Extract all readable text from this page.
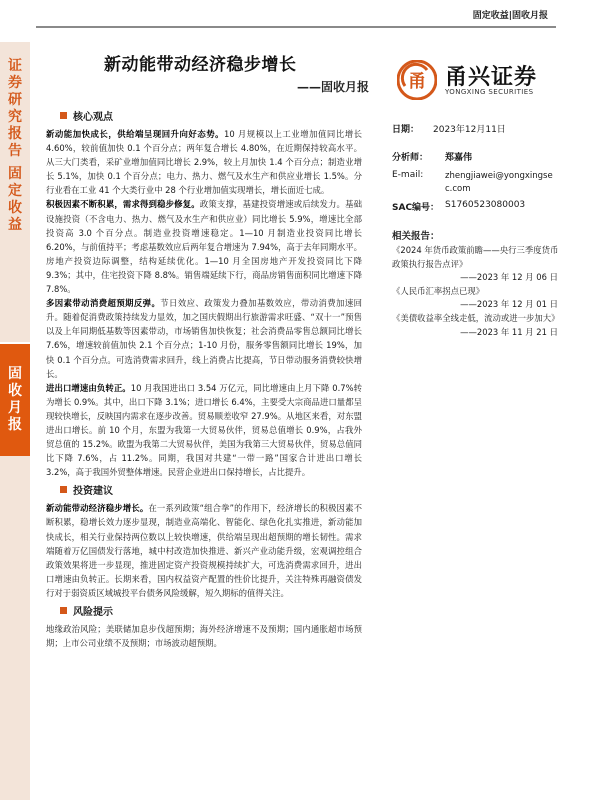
固定收益|固收月报
证
券
研
究
报
告
固
定
收
益
固
收
月
报
新动能带动经济稳步增长
——固收月报 甬 甬兴证券
YONGXING SECURITIES
核心观点

新动能加快成长，供给端呈现回升向好态势。10 月规模以上工业增加值同比增长 4.60%，较前值加快 0.1 个百分点；两年复合增长 4.80%，在近期保持较高水平。从三大门类看，采矿业增加值同比增长 2.9%，较上月加快 1.4 个百分点；制造业增长 5.1%，加快 0.1 个百分点；电力、热力、燃气及水生产和供应业增长 1.5%。分行业看在工业 41 个大类行业中 28 个行业增加值实现增长，增长面近七成。

积极因素不断积累，需求得到稳步修复。政策支撑，基建投资增速或后续发力。基础设施投资（不含电力、热力、燃气及水生产和供应业）同比增长 5.9%，增速比全部投资高 3.0 个百分点。制造业投资增速稳定。1—10 月制造业投资同比增长 6.20%，与前值持平；考虑基数效应后两年复合增速为 7.94%，高于去年同期水平。房地产投资边际调整，结构延续优化。1—10 月全国房地产开发投资同比下降 9.3%；其中，住宅投资下降 8.8%。销售端延续下行，商品房销售面积同比增速下降 7.8%。

多因素带动消费超预期反弹。节日效应、政策发力叠加基数效应，带动消费加速回升。随着促消费政策持续发力显效，加之国庆假期出行旅游需求旺盛、“双十一”预售以及上年同期低基数等因素带动，市场销售加快恢复；社会消费品零售总额同比增长 7.6%，增速较前值加快 2.1 个百分点；1-10 月份，服务零售额同比增长 19%，加快 0.1 个百分点。可选消费需求回升，线上消费占比提高，节日带动服务消费较快增长。

进出口增速由负转正。10 月我国进出口 3.54 万亿元，同比增速由上月下降 0.7%转为增长 0.9%。其中，出口下降 3.1%；进口增长 6.4%，主要受大宗商品进口量都呈现较快增长，反映国内需求在逐步改善。贸易顺差收窄 27.9%。从地区来看，对东盟进出口增长。前 10 个月，东盟为我第一大贸易伙伴，贸易总值增长 0.9%，占我外贸总值的 15.2%。欧盟为我第二大贸易伙伴，美国为我第三大贸易伙伴，贸易总值同比下降 7.6%，占 11.2%。同期，我国对共建“一带一路”国家合计进出口增长 3.2%，高于我国外贸整体增速。民营企业进出口保持增长，占比提升。

投资建议

新动能带动经济稳步增长。在一系列政策“组合拳”的作用下，经济增长的积极因素不断积累，稳增长效力逐步显现，制造业高端化、智能化、绿色化扎实推进，新动能加快成长，相关行业保持两位数以上较快增速，供给端呈现出超预期的增长韧性。需求端随着万亿国债发行落地，城中村改造加快推进、新兴产业动能升级，宏观调控组合政策效果将进一步显现，推进固定资产投资规模持续扩大，可选消费需求回升，进出口增速由负转正。长期来看，国内权益资产配置的性价比提升，关注特殊再融资债发行对于弱资质区域城投平台债务风险缓解，短久期标的值得关注。

风险提示

地缘政治风险；美联储加息步伐超预期；海外经济增速不及预期；国内通胀超市场预期；上市公司业绩不及预期；市场波动超预期。

日期： 2023年12月11日
分析师： 郑嘉伟
E-mail:	zhengjiawei@yongxingsec.com
SAC编号： S1760523080003
相关报告：
《2024 年货币政策前瞻——央行三季度货币政策执行报告点评》
——2023 年 12 月 06 日
《人民币汇率拐点已现》
——2023 年 12 月 01 日
《美债收益率全线走低，流动或进一步加大》
——2023 年 11 月 21 日
